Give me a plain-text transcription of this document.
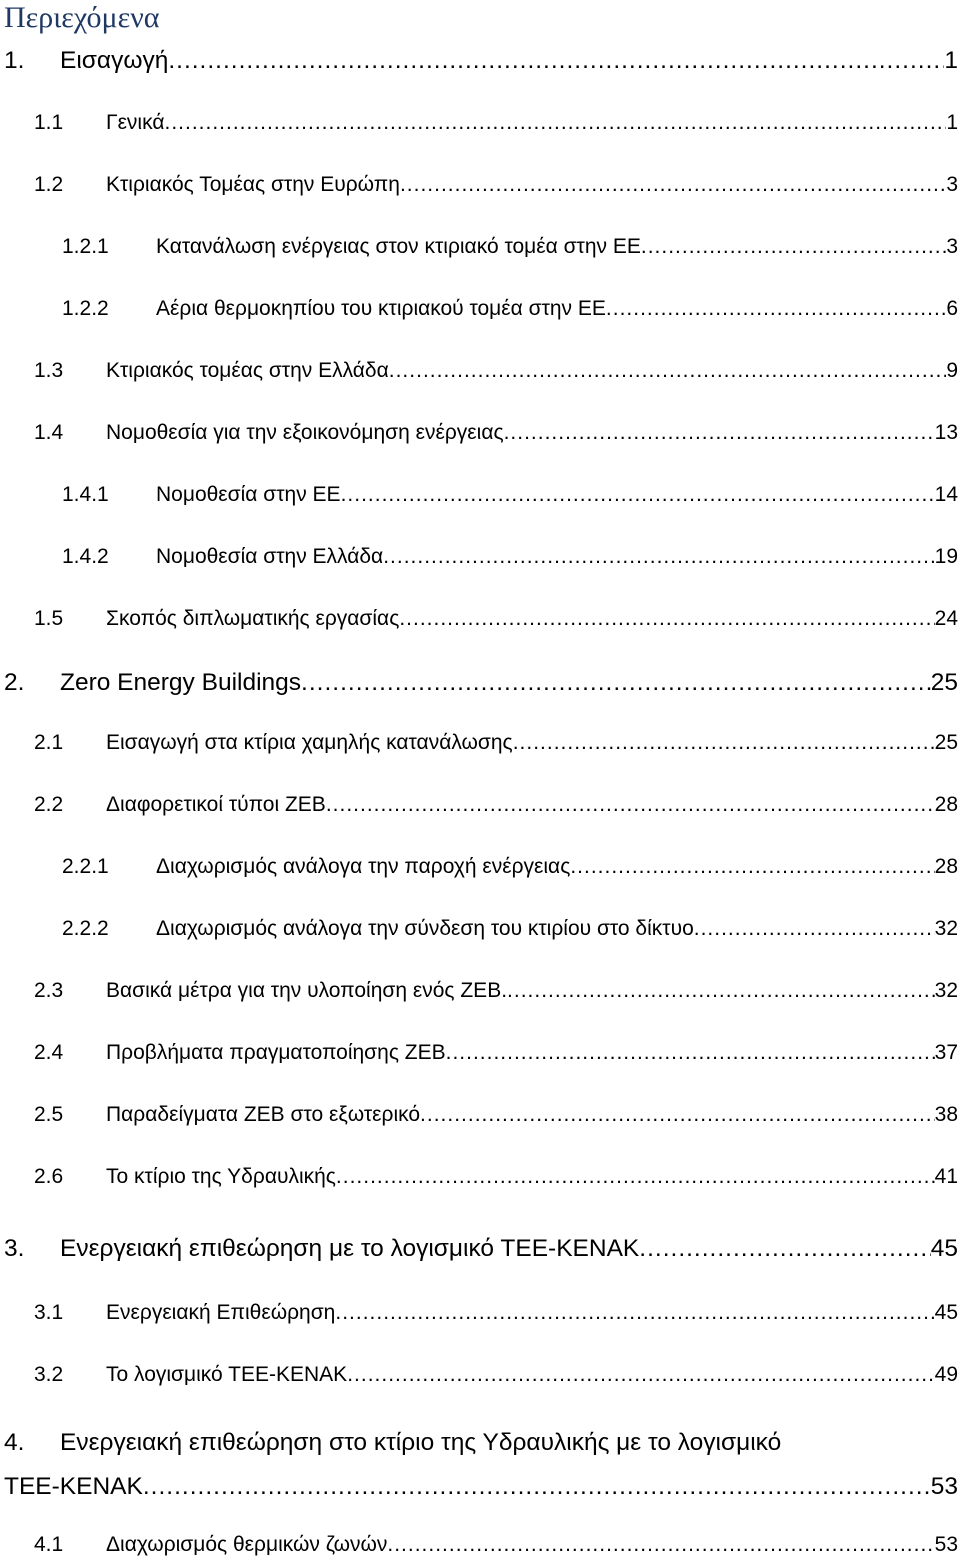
Περιεχόμενα
1. Εισαγωγή .....	1
1.1 Γενικά .....	1
1.2 Κτιριακός Τομέας στην Ευρώπη .....	3
1.2.1 Κατανάλωση ενέργειας στον κτιριακό τομέα στην ΕΕ .....	3
1.2.2 Αέρια θερμοκηπίου του κτιριακού τομέα στην ΕΕ .....	6
1.3 Κτιριακός τομέας στην Ελλάδα .....	9
1.4 Νομοθεσία για την εξοικονόμηση ενέργειας .....	13
1.4.1 Νομοθεσία στην ΕΕ .....	14
1.4.2 Νομοθεσία στην Ελλάδα .....	19
1.5 Σκοπός διπλωματικής εργασίας .....	24
2. Zero Energy Buildings .....	25
2.1 Εισαγωγή στα κτίρια χαμηλής κατανάλωσης .....	25
2.2 Διαφορετικοί τύποι ΖΕΒ .....	28
2.2.1 Διαχωρισμός ανάλογα την παροχή ενέργειας .....	28
2.2.2 Διαχωρισμός ανάλογα την σύνδεση του κτιρίου στο δίκτυο .....	32
2.3 Βασικά μέτρα για την υλοποίηση ενός ΖΕΒ. .....	32
2.4 Προβλήματα πραγματοποίησης ΖΕΒ .....	37
2.5 Παραδείγματα ΖΕΒ στο εξωτερικό .....	38
2.6 Το κτίριο της Υδραυλικής .....	41
3. Ενεργειακή επιθεώρηση με το λογισμικό ΤΕΕ-ΚΕΝΑΚ .....	45
3.1 Ενεργειακή Επιθεώρηση .....	45
3.2 Το λογισμικό ΤΕΕ-ΚΕΝΑΚ .....	49
4. Ενεργειακή επιθεώρηση στο κτίριο της Υδραυλικής με το λογισμικό
ΤΕΕ-ΚΕΝΑΚ .....	53
4.1 Διαχωρισμός θερμικών ζωνών .....	53
